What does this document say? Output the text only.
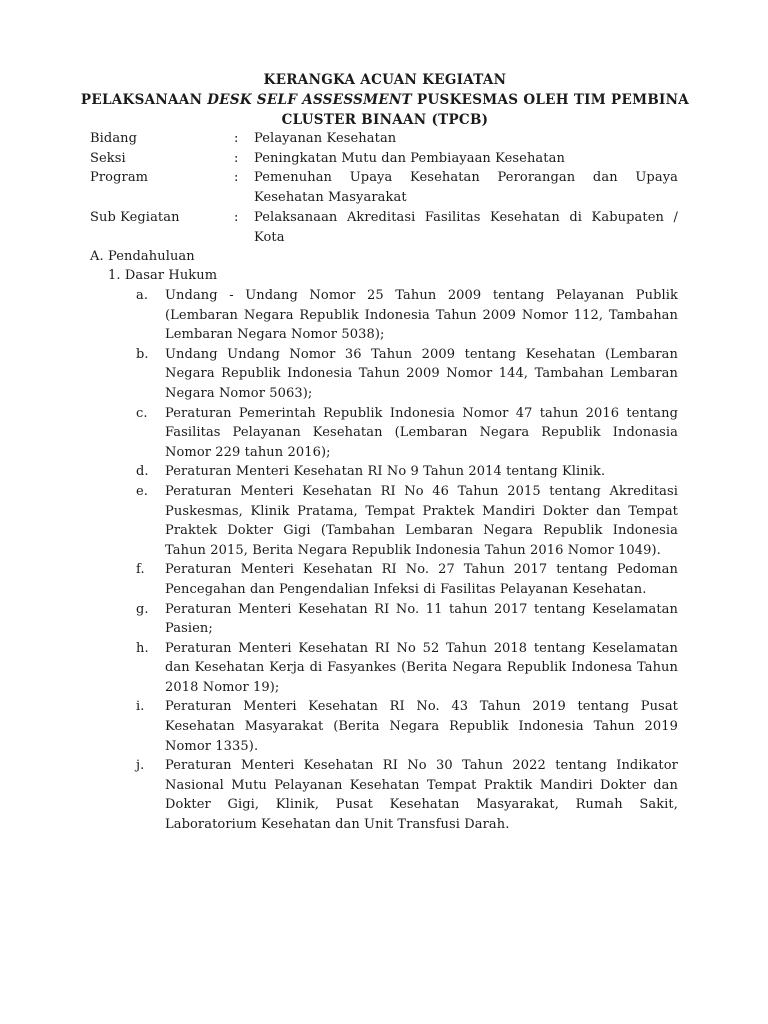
KERANGKA ACUAN KEGIATAN
PELAKSANAAN DESK SELF ASSESSMENT PUSKESMAS OLEH TIM PEMBINA
CLUSTER BINAAN (TPCB)
Bidang	:	Pelayanan Kesehatan
Seksi	:	Peningkatan Mutu dan Pembiayaan Kesehatan
Program	:	Pemenuhan Upaya Kesehatan Perorangan dan Upaya Kesehatan Masyarakat
Sub Kegiatan	:	Pelaksanaan Akreditasi Fasilitas Kesehatan di Kabupaten / Kota
A. Pendahuluan
1. Dasar Hukum
a.	Undang - Undang Nomor 25 Tahun 2009 tentang Pelayanan Publik (Lembaran Negara Republik Indonesia Tahun 2009 Nomor 112, Tambahan Lembaran Negara Nomor 5038);
b.	Undang Undang Nomor 36 Tahun 2009 tentang Kesehatan (Lembaran Negara Republik Indonesia Tahun 2009 Nomor 144, Tambahan Lembaran Negara Nomor 5063);
c.	Peraturan Pemerintah Republik Indonesia Nomor 47 tahun 2016 tentang Fasilitas Pelayanan Kesehatan (Lembaran Negara Republik Indonasia Nomor 229 tahun 2016);
d.	Peraturan Menteri Kesehatan RI No 9 Tahun 2014 tentang Klinik.
e.	Peraturan Menteri Kesehatan RI No 46 Tahun 2015 tentang Akreditasi Puskesmas, Klinik Pratama, Tempat Praktek Mandiri Dokter dan Tempat Praktek Dokter Gigi (Tambahan Lembaran Negara Republik Indonesia Tahun 2015, Berita Negara Republik Indonesia Tahun 2016 Nomor 1049).
f.	Peraturan Menteri Kesehatan RI No. 27 Tahun 2017 tentang Pedoman Pencegahan dan Pengendalian Infeksi di Fasilitas Pelayanan Kesehatan.
g.	Peraturan Menteri Kesehatan RI No. 11 tahun 2017 tentang Keselamatan Pasien;
h.	Peraturan Menteri Kesehatan RI No 52 Tahun 2018 tentang Keselamatan dan Kesehatan Kerja di Fasyankes (Berita Negara Republik Indonesa Tahun 2018 Nomor 19);
i.	Peraturan Menteri Kesehatan RI No. 43 Tahun 2019 tentang Pusat Kesehatan Masyarakat (Berita Negara Republik Indonesia Tahun 2019 Nomor 1335).
j.	Peraturan Menteri Kesehatan RI No 30 Tahun 2022 tentang Indikator Nasional Mutu Pelayanan Kesehatan Tempat Praktik Mandiri Dokter dan Dokter Gigi, Klinik, Pusat Kesehatan Masyarakat, Rumah Sakit, Laboratorium Kesehatan dan Unit Transfusi Darah.
